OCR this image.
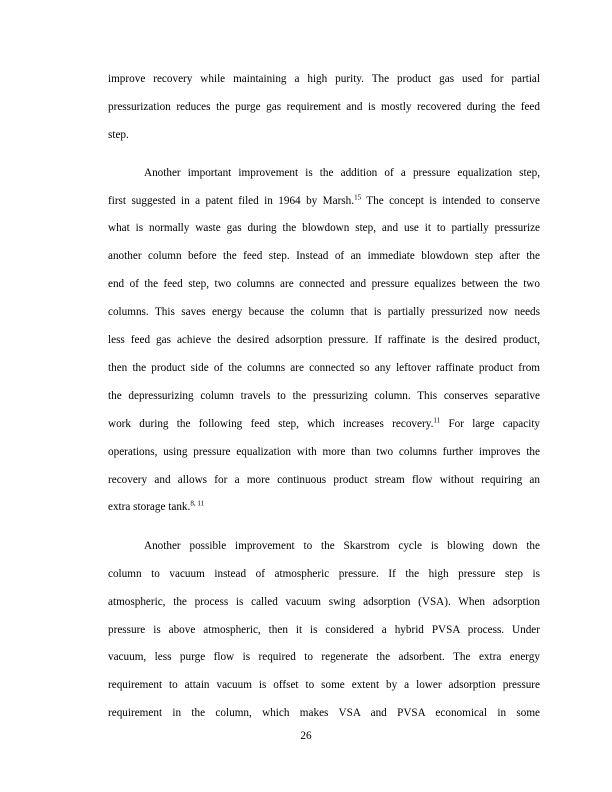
improve recovery while maintaining a high purity. The product gas used for partial
pressurization reduces the purge gas requirement and is mostly recovered during the feed
step.
Another important improvement is the addition of a pressure equalization step,
first suggested in a patent filed in 1964 by Marsh.$^{15}$ The concept is intended to conserve
what is normally waste gas during the blowdown step, and use it to partially pressurize
another column before the feed step. Instead of an immediate blowdown step after the
end of the feed step, two columns are connected and pressure equalizes between the two
columns. This saves energy because the column that is partially pressurized now needs
less feed gas achieve the desired adsorption pressure. If raffinate is the desired product,
then the product side of the columns are connected so any leftover raffinate product from
the depressurizing column travels to the pressurizing column. This conserves separative
work during the following feed step, which increases recovery.$^{11}$ For large capacity
operations, using pressure equalization with more than two columns further improves the
recovery and allows for a more continuous product stream flow without requiring an
extra storage tank.$^{8, 11}$
Another possible improvement to the Skarstrom cycle is blowing down the
column to vacuum instead of atmospheric pressure. If the high pressure step is
atmospheric, the process is called vacuum swing adsorption (VSA). When adsorption
pressure is above atmospheric, then it is considered a hybrid PVSA process. Under
vacuum, less purge flow is required to regenerate the adsorbent. The extra energy
requirement to attain vacuum is offset to some extent by a lower adsorption pressure
requirement in the column, which makes VSA and PVSA economical in some
26
